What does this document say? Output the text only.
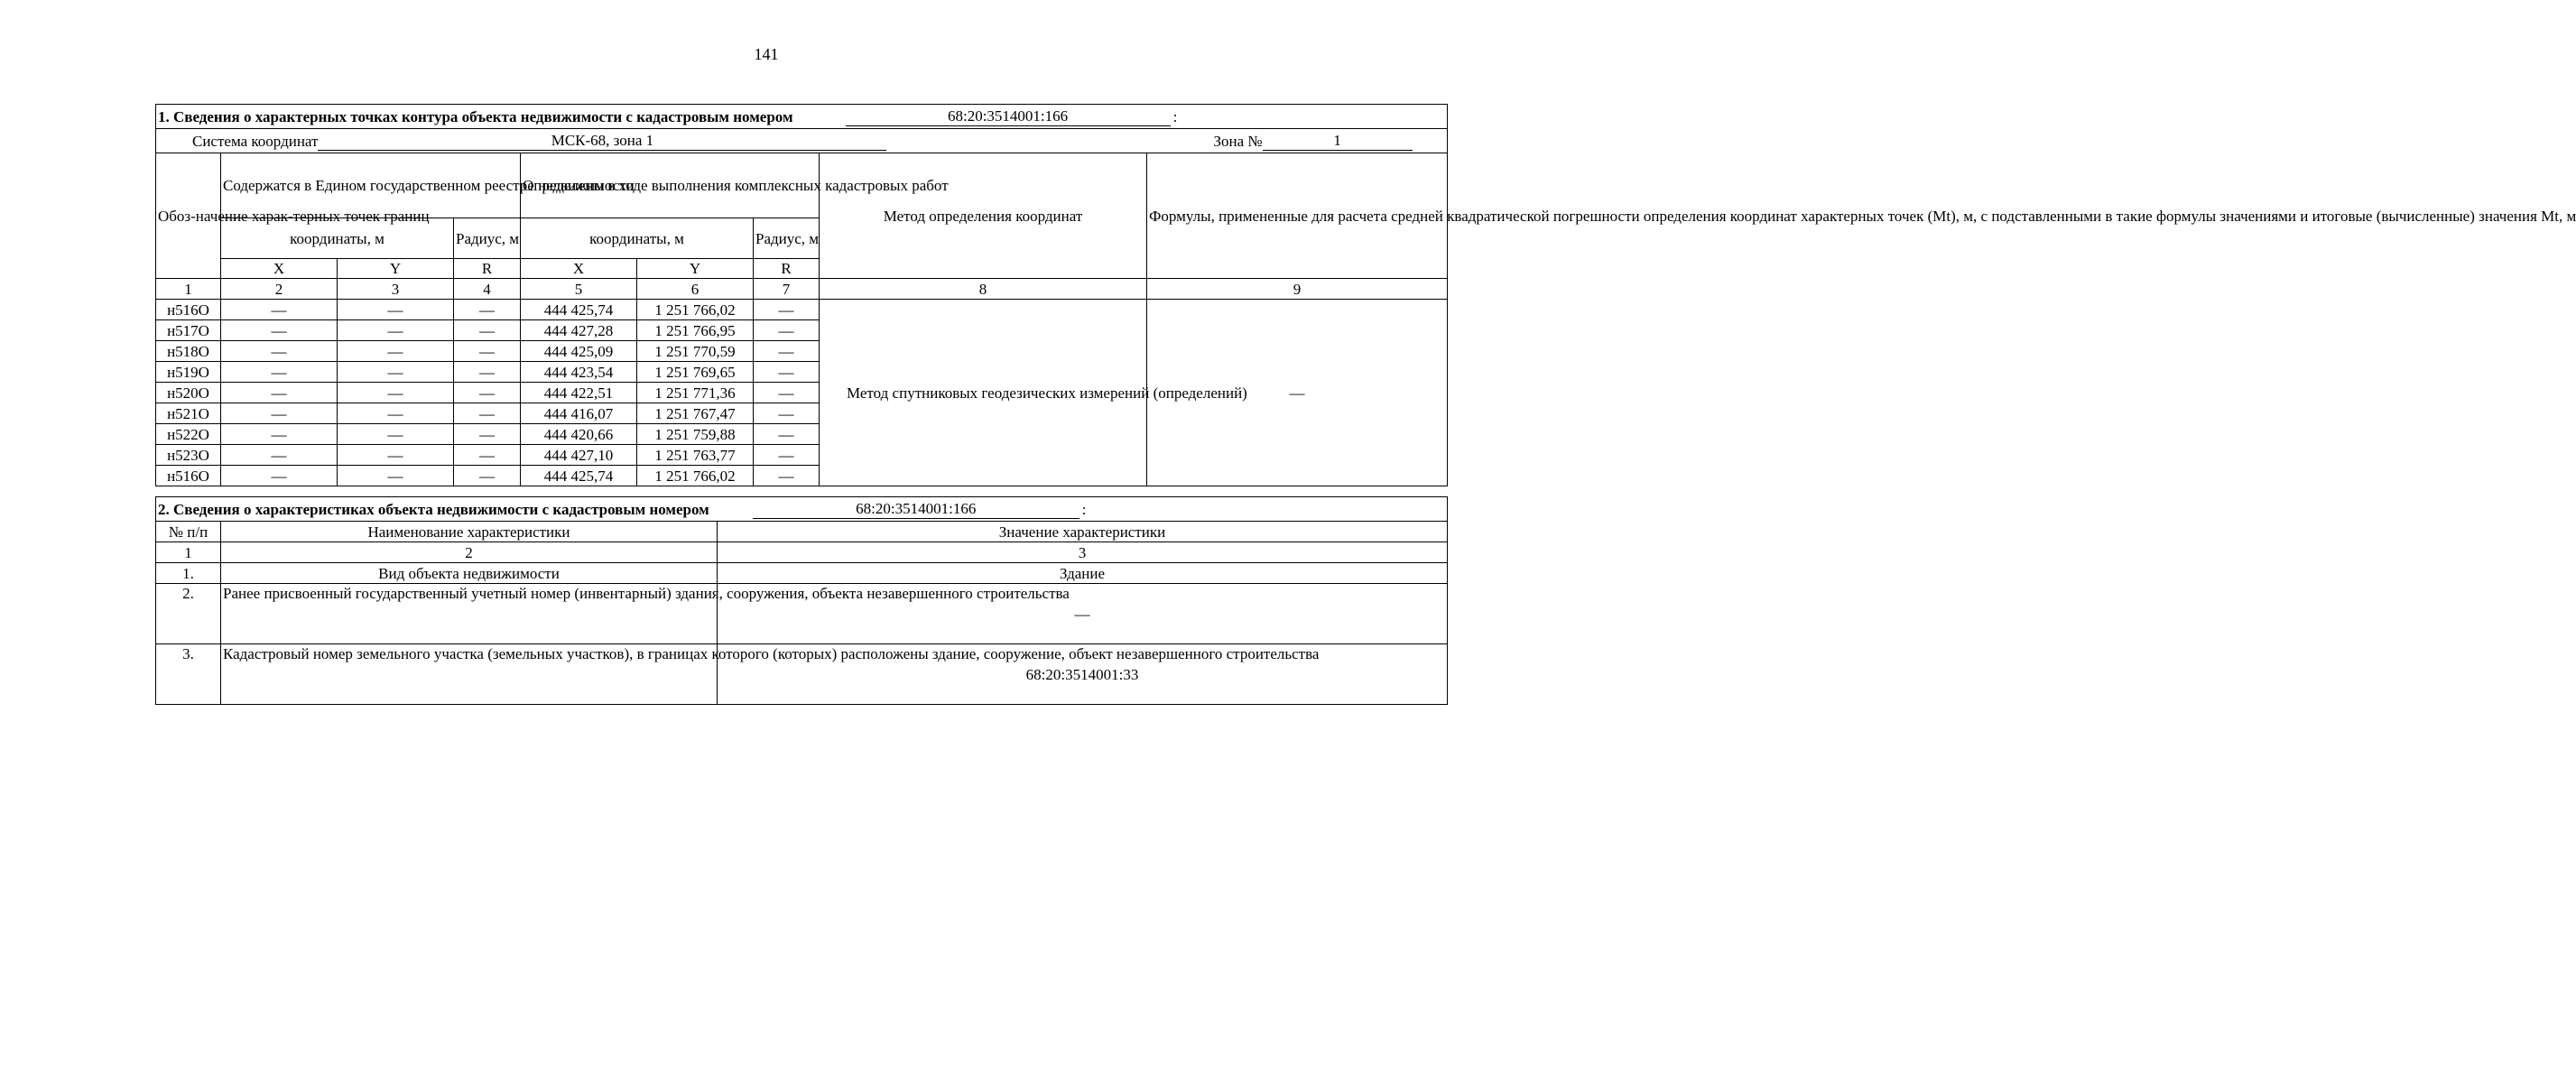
141
1. Сведения о характерных точках контура объекта недвижимости с кадастровым номером 68:20:3514001:166 :								

Система координат МСК-68, зона 1 Зона № 1								

Обоз-начение харак-терных точек границ	Содержатся в Едином государственном реестре недвижимости			Определены в ходе выполнения комплексных кадастровых работ			Метод определения координат	Формулы, примененные для расчета средней квадратической погрешности определения координат характерных точек (Mt), м, с подставленными в такие формулы значениями и итоговые (вычисленные) значения Mt, м
	координаты, м		Радиус, м	координаты, м		Радиус, м		
	X	Y	R	X	Y	R		
1	2	3	4	5	6	7	8	9
н516О	—	—	—	444 425,74	1 251 766,02	—	Метод спутниковых геодезических измерений (определений)	—
н517О	—	—	—	444 427,28	1 251 766,95	—		
н518О	—	—	—	444 425,09	1 251 770,59	—		
н519О	—	—	—	444 423,54	1 251 769,65	—		
н520О	—	—	—	444 422,51	1 251 771,36	—		
н521О	—	—	—	444 416,07	1 251 767,47	—		
н522О	—	—	—	444 420,66	1 251 759,88	—		
н523О	—	—	—	444 427,10	1 251 763,77	—		
н516О	—	—	—	444 425,74	1 251 766,02	—		
2. Сведения о характеристиках объекта недвижимости с кадастровым номером 68:20:3514001:166 :		

№ п/п	Наименование характеристики	Значение характеристики
1	2	3
1.	Вид объекта недвижимости	Здание
2.	Ранее присвоенный государственный учетный номер (инвентарный) здания, сооружения, объекта незавершенного строительства	—
3.	Кадастровый номер земельного участка (земельных участков), в границах которого (которых) расположены здание, сооружение, объект незавершенного строительства	68:20:3514001:33
